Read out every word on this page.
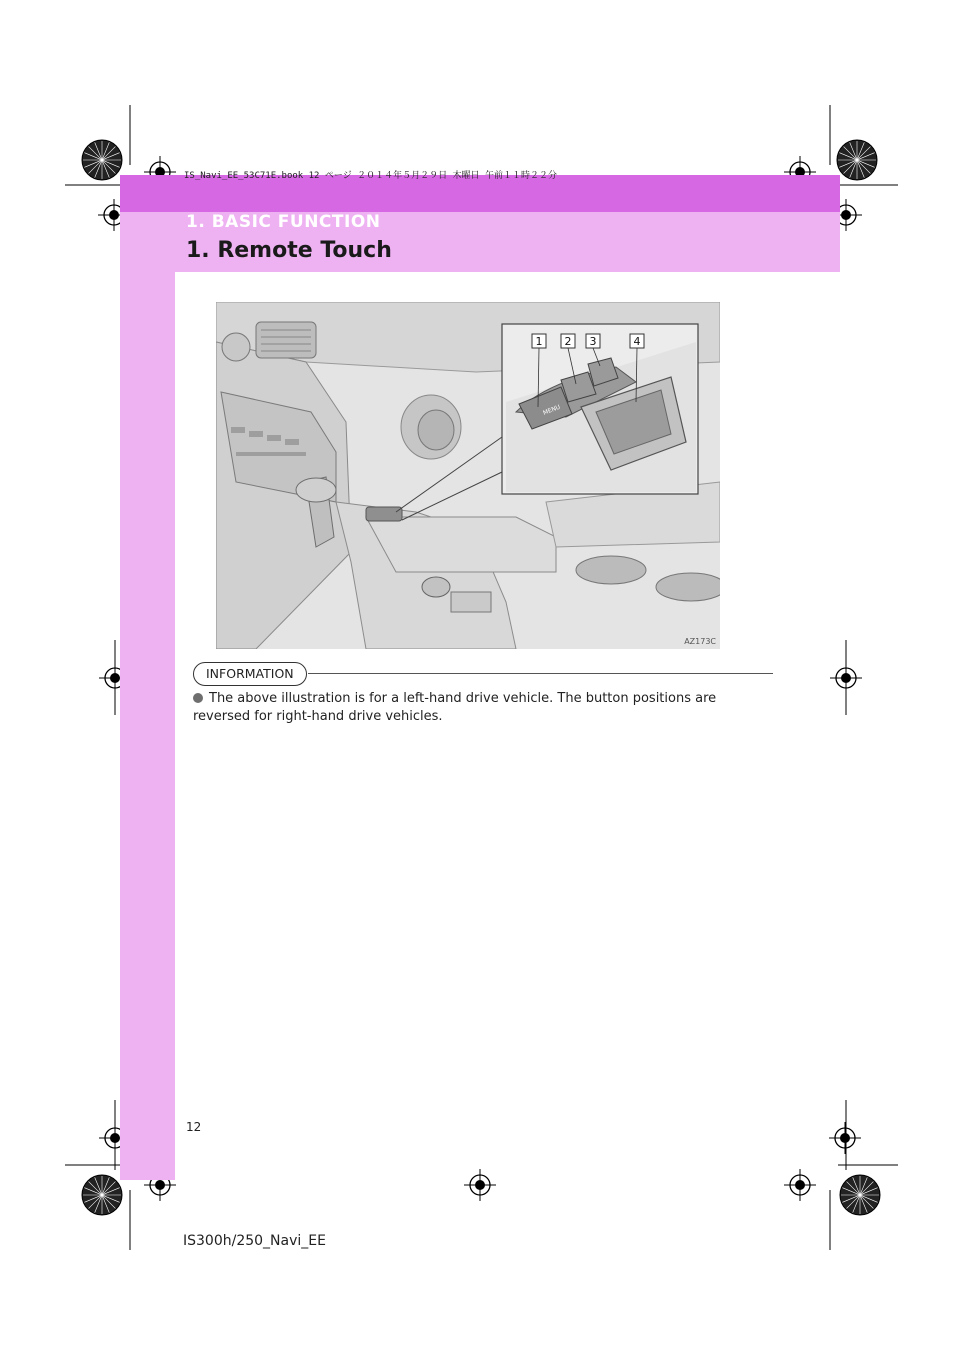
IS_Navi_EE_53C71E.book 12 ページ ２０１４年５月２９日 木曜日 午前１１時２２分
1. BASIC FUNCTION
1. Remote Touch
1 2 3	4
MENU
AZ173C
INFORMATION
The above illustration is for a left-hand drive vehicle. The button positions are reversed for right-hand drive vehicles.
12
IS300h/250_Navi_EE
